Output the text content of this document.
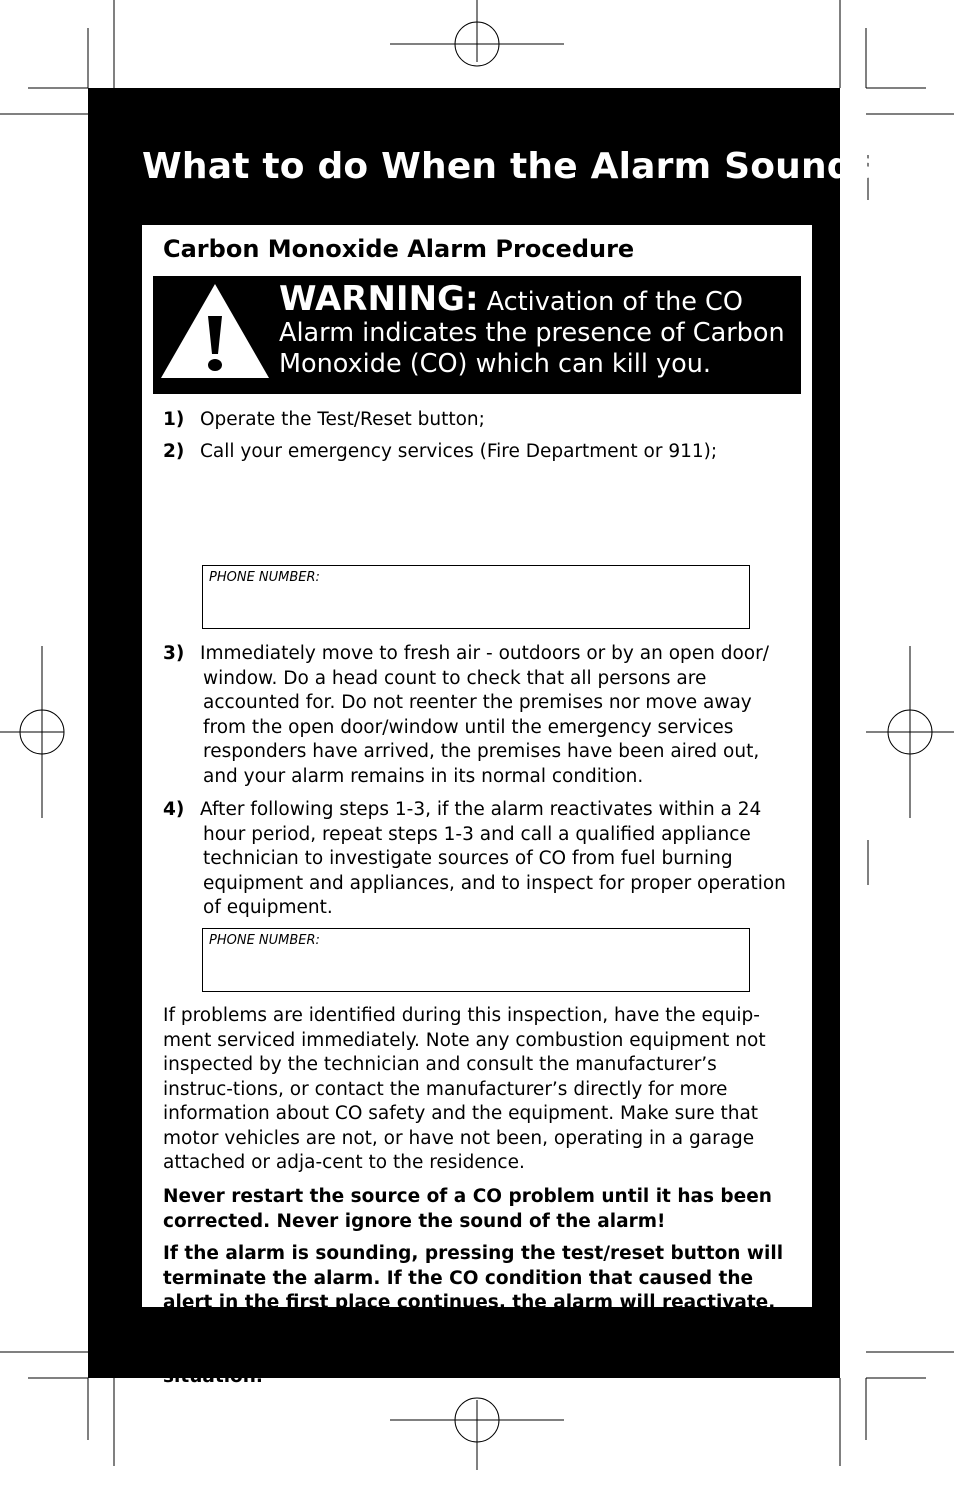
What to do When the Alarm Sounds!
Carbon Monoxide Alarm Procedure
WARNING: Activation of the CO Alarm indicates the presence of Carbon Monoxide (CO) which can kill you.
1) Operate the Test/Reset button;
2) Call your emergency services (Fire Department or 911);
PHONE NUMBER:
3) Immediately move to fresh air - outdoors or by an open door/ window. Do a head count to check that all persons are accounted for. Do not reenter the premises nor move away from the open door/window until the emergency services responders have arrived, the premises have been aired out, and your alarm remains in its normal condition.
4) After following steps 1-3, if the alarm reactivates within a 24 hour period, repeat steps 1-3 and call a qualified appliance technician to investigate sources of CO from fuel burning equipment and appliances, and to inspect for proper operation of equipment.
PHONE NUMBER:

If problems are identified during this inspection, have the equip-ment serviced immediately. Note any combustion equipment not inspected by the technician and consult the manufacturer’s instruc-tions, or contact the manufacturer’s directly for more information about CO safety and the equipment. Make sure that motor vehicles are not, or have not been, operating in a garage attached or adja-cent to the residence.

Never restart the source of a CO problem until it has been corrected. Never ignore the sound of the alarm!

If the alarm is sounding, pressing the test/reset button will terminate the alarm. If the CO condition that caused the alert in the first place continues, the alarm will reactivate. If the unit alarms again within six minutes, it is sensing high levels of CO which can quickly become a dangerous situation.
